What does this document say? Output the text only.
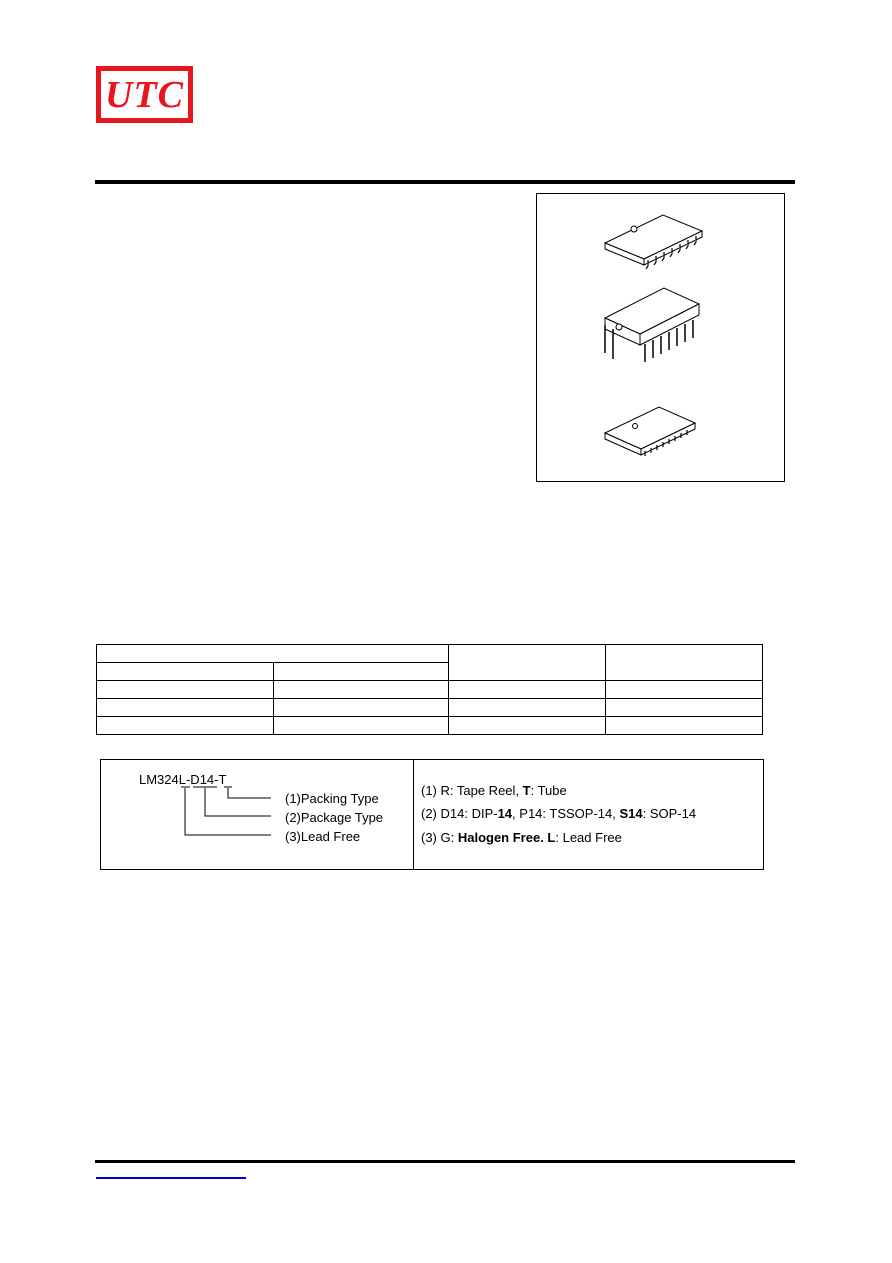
UTC

LM324L-D14-T
(1)Packing Type
(2)Package Type
(3)Lead Free
(1) R: Tape Reel, T: Tube
(2) D14: DIP-14, P14: TSSOP-14, S14: SOP-14
(3) G: Halogen Free. L: Lead Free
